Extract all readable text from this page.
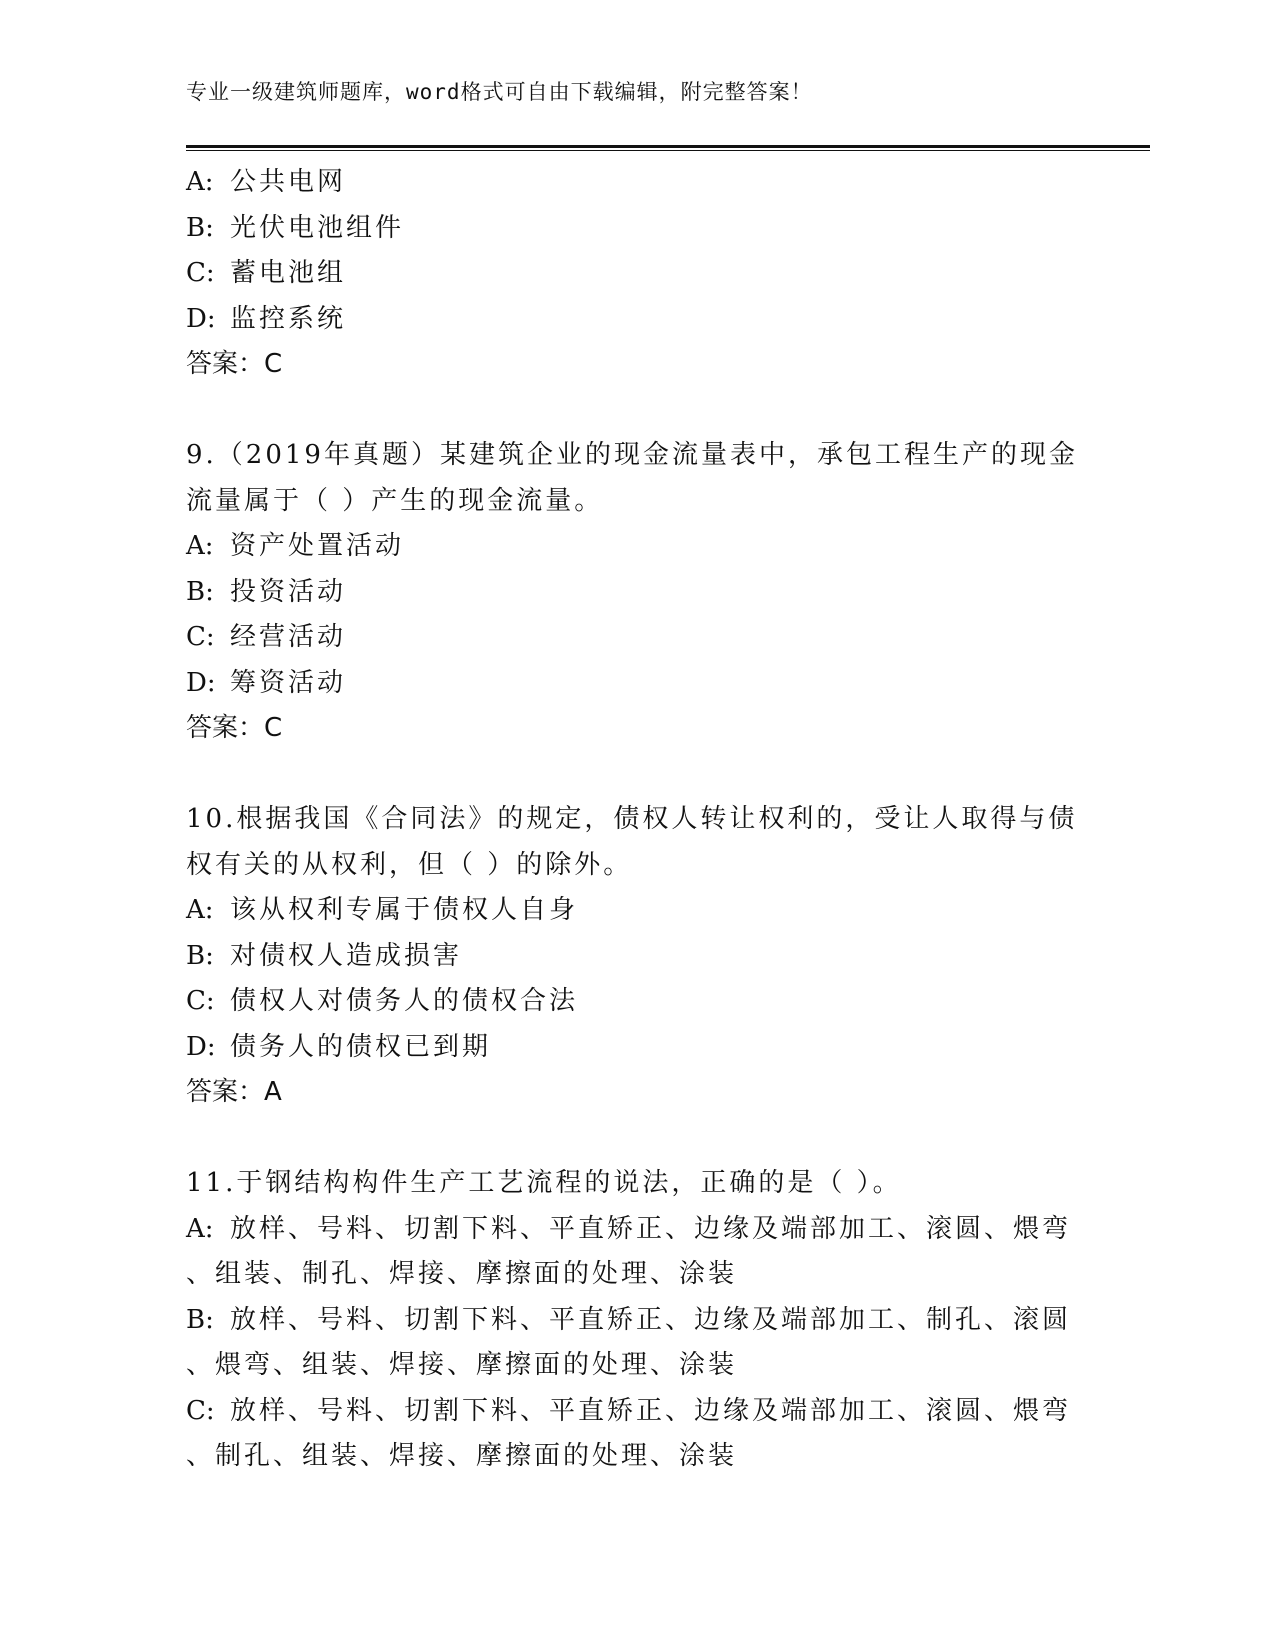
专业一级建筑师题库，word格式可自由下载编辑，附完整答案！
A: 公共电网
B: 光伏电池组件
C: 蓄电池组
D: 监控系统
答案：C
9.（2019年真题）某建筑企业的现金流量表中，承包工程生产的现金
流量属于（ ）产生的现金流量。
A: 资产处置活动
B: 投资活动
C: 经营活动
D: 筹资活动
答案：C
10.根据我国《合同法》的规定，债权人转让权利的，受让人取得与债
权有关的从权利，但（ ）的除外。
A: 该从权利专属于债权人自身
B: 对债权人造成损害
C: 债权人对债务人的债权合法
D: 债务人的债权已到期
答案：A
11.于钢结构构件生产工艺流程的说法，正确的是（ ）。
A: 放样、号料、切割下料、平直矫正、边缘及端部加工、滚圆、煨弯
、组装、制孔、焊接、摩擦面的处理、涂装
B: 放样、号料、切割下料、平直矫正、边缘及端部加工、制孔、滚圆
、煨弯、组装、焊接、摩擦面的处理、涂装
C: 放样、号料、切割下料、平直矫正、边缘及端部加工、滚圆、煨弯
、制孔、组装、焊接、摩擦面的处理、涂装
